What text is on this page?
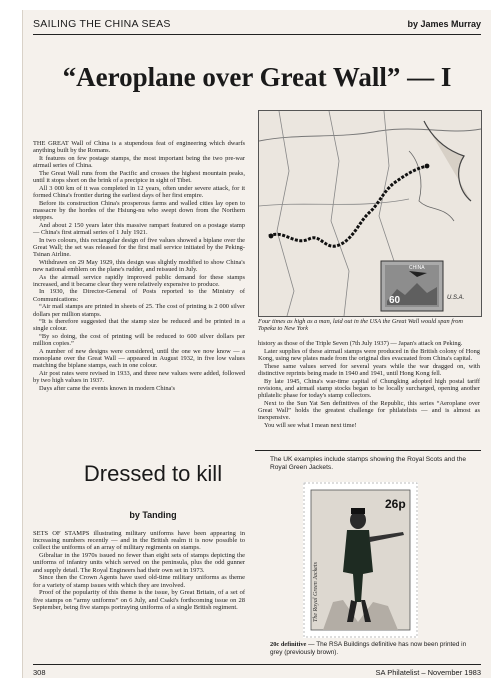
SAILING THE CHINA SEAS	by James Murray
“Aeroplane over Great Wall” — I

THE GREAT Wall of China is a stupendous feat of engineering which dwarfs anything built by the Romans.

It features on few postage stamps, the most important being the two pre-war airmail series of China.

The Great Wall runs from the Pacific and crosses the highest mountain peaks, until it stops short on the brink of a precipice in sight of Tibet.

All 3 000 km of it was completed in 12 years, often under severe attack, for it formed China's frontier during the earliest days of her first empire.

Before its construction China's prosperous farms and walled cities lay open to massacre by the hordes of the Hsiung-nu who swept down from the Northern steppes.

And about 2 150 years later this massive rampart featured on a postage stamp — China's first airmail series of 1 July 1921.

In two colours, this rectangular design of five values showed a biplane over the Great Wall; the set was released for the first mail service initiated by the Peking-Tsinan Airline.

Withdrawn on 29 May 1929, this design was slightly modified to show China's new national emblem on the plane's rudder, and reissued in July.

As the airmail service rapidly improved public demand for these stamps increased, and it became clear they were relatively expensive to produce.

In 1930, the Director-General of Posts reported to the Ministry of Communications:

“Air mail stamps are printed in sheets of 25. The cost of printing is 2 000 silver dollars per million stamps.

“It is therefore suggested that the stamp size be reduced and be printed in a single colour.

“By so doing, the cost of printing will be reduced to 600 silver dollars per million copies.”

A number of new designs were considered, until the one we now know — a monoplane over the Great Wall — appeared in August 1932, in five low values matching the biplane stamps, each in one colour.

Air post rates were revised in 1933, and three new values were added, followed by two high values in 1937.

Days after came the events known in modern China's

60
CHINA
U.S.A.
Four times as high as a man, laid out in the USA the Great Wall would span from Topeka to New York

history as those of the Triple Seven (7th July 1937) — Japan's attack on Peking.

Later supplies of these airmail stamps were produced in the British colony of Hong Kong, using new plates made from the original dies evacuated from China's capital.

These same values served for several years while the war dragged on, with distinctive reprints being made in 1940 and 1941, until Hong Kong fell.

By late 1945, China's war-time capital of Chungking adopted high postal tariff revisions, and airmail stamp stocks began to be locally surcharged, opening another philatelic phase for today's stamp collectors.

Next to the Sun Yat Sen definitives of the Republic, this series “Aeroplane over Great Wall” holds the greatest challenge for philatelists — and is almost as inexpensive.

You will see what I mean next time!

Dressed to kill
by Tanding

SETS OF STAMPS illustrating military uniforms have been appearing in increasing numbers recently — and in the British realm it is now possible to collect the uniforms of an array of military regiments on stamps.

Gibraltar in the 1970s issued no fewer than eight sets of stamps depicting the uniforms of infantry units which served on the peninsula, plus the odd gunner and supply detail. The Royal Engineers had their own set in 1973.

Since then the Crown Agents have used old-time military uniforms as theme for a variety of stamp issues with which they are involved.

Proof of the popularity of this theme is the issue, by Great Britain, of a set of five stamps on “army uniforms” on 6 July, and Csaki's forthcoming issue on 28 September, being five stamps portraying uniforms of a single British regiment.

The UK examples include stamps showing the Royal Scots and the Royal Green Jackets.
26p
The Royal Green Jackets
20c definitive — The RSA Buildings definitive has now been printed in grey (previously brown).
308	SA Philatelist – November 1983
